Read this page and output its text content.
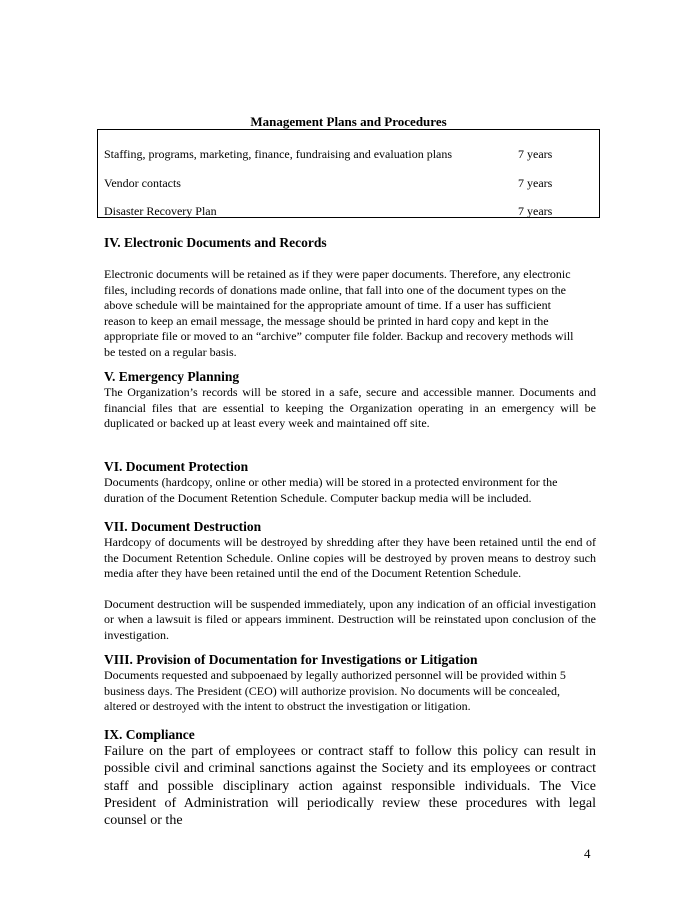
Management Plans and Procedures
Staffing, programs, marketing, finance, fundraising and evaluation plans	7 years
Vendor contacts	7 years
Disaster Recovery Plan	7 years
IV. Electronic Documents and Records
Electronic documents will be retained as if they were paper documents. Therefore, any electronic
files, including records of donations made online, that fall into one of the document types on the
above schedule will be maintained for the appropriate amount of time. If a user has sufficient
reason to keep an email message, the message should be printed in hard copy and kept in the
appropriate file or moved to an “archive” computer file folder. Backup and recovery methods will
be tested on a regular basis.
V. Emergency Planning

The Organization’s records will be stored in a safe, secure and accessible manner. Documents and financial files that are essential to keeping the Organization operating in an emergency will be duplicated or backed up at least every week and maintained off site.

VI. Document Protection
Documents (hardcopy, online or other media) will be stored in a protected environment for the
duration of the Document Retention Schedule. Computer backup media will be included.
VII. Document Destruction

Hardcopy of documents will be destroyed by shredding after they have been retained until the end of the Document Retention Schedule. Online copies will be destroyed by proven means to destroy such media after they have been retained until the end of the Document Retention Schedule.

Document destruction will be suspended immediately, upon any indication of an official investigation or when a lawsuit is filed or appears imminent. Destruction will be reinstated upon conclusion of the investigation.

VIII. Provision of Documentation for Investigations or Litigation
Documents requested and subpoenaed by legally authorized personnel will be provided within 5
business days. The President (CEO) will authorize provision. No documents will be concealed,
altered or destroyed with the intent to obstruct the investigation or litigation.
IX. Compliance

Failure on the part of employees or contract staff to follow this policy can result in possible civil and criminal sanctions against the Society and its employees or contract staff and possible disciplinary action against responsible individuals. The Vice President of Administration will periodically review these procedures with legal counsel or the

4
